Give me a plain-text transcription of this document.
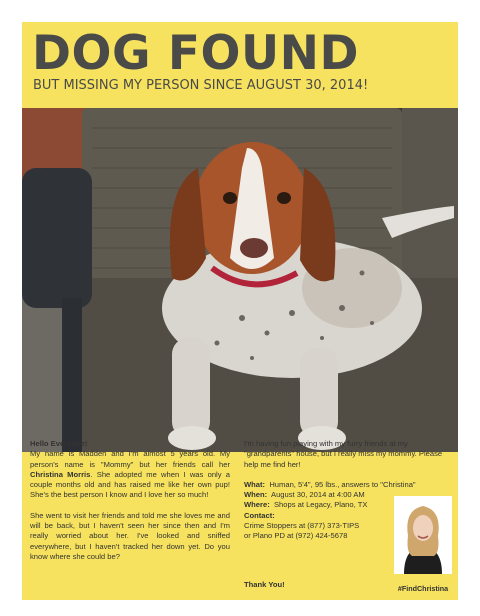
DOG FOUND
BUT MISSING MY PERSON SINCE AUGUST 30, 2014!
Hello Everyone!

My name is Madden and I'm almost 5 years old. My person's name is "Mommy" but her friends call her Christina Morris. She adopted me when I was only a couple months old and has raised me like her own pup! She's the best person I know and I love her so much!

She went to visit her friends and told me she loves me and will be back, but I haven't seen her since then and I'm really worried about her. I've looked and sniffed everywhere, but I haven't tracked her down yet. Do you know where she could be?

I'm having fun playing with my furry friends at my "grandparents" house, but I really miss my mommy. Please help me find her!

What: Human, 5'4", 95 lbs., answers to "Christina"
When: August 30, 2014 at 4:00 AM
Where: Shops at Legacy, Plano, TX
Contact:
Crime Stoppers at (877) 373-TIPS
or Plano PD at (972) 424-5678
Thank You!	#FindChristina
